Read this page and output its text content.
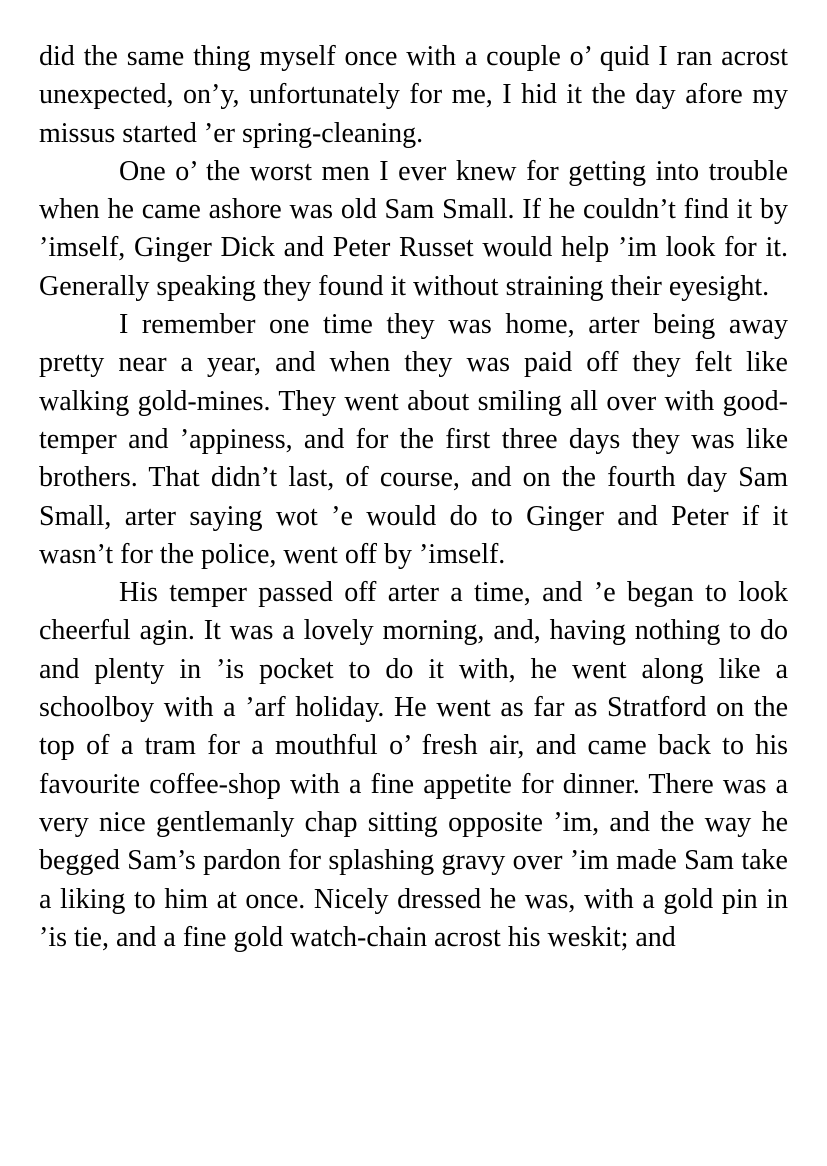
did the same thing myself once with a couple o’ quid I ran acrost unexpected, on’y, unfortunately for me, I hid it the day afore my missus started ’er spring-cleaning.

One o’ the worst men I ever knew for getting into trouble when he came ashore was old Sam Small. If he couldn’t find it by ’imself, Ginger Dick and Peter Russet would help ’im look for it. Generally speaking they found it without straining their eyesight.

I remember one time they was home, arter being away pretty near a year, and when they was paid off they felt like walking gold-mines. They went about smiling all over with good-temper and ’appiness, and for the first three days they was like brothers. That didn’t last, of course, and on the fourth day Sam Small, arter saying wot ’e would do to Ginger and Peter if it wasn’t for the police, went off by ’imself.

His temper passed off arter a time, and ’e began to look cheerful agin. It was a lovely morning, and, having nothing to do and plenty in ’is pocket to do it with, he went along like a schoolboy with a ’arf holiday. He went as far as Stratford on the top of a tram for a mouthful o’ fresh air, and came back to his favourite coffee-shop with a fine appetite for dinner. There was a very nice gentlemanly chap sitting opposite ’im, and the way he begged Sam’s pardon for splashing gravy over ’im made Sam take a liking to him at once. Nicely dressed he was, with a gold pin in ’is tie, and a fine gold watch-chain acrost his weskit; and
